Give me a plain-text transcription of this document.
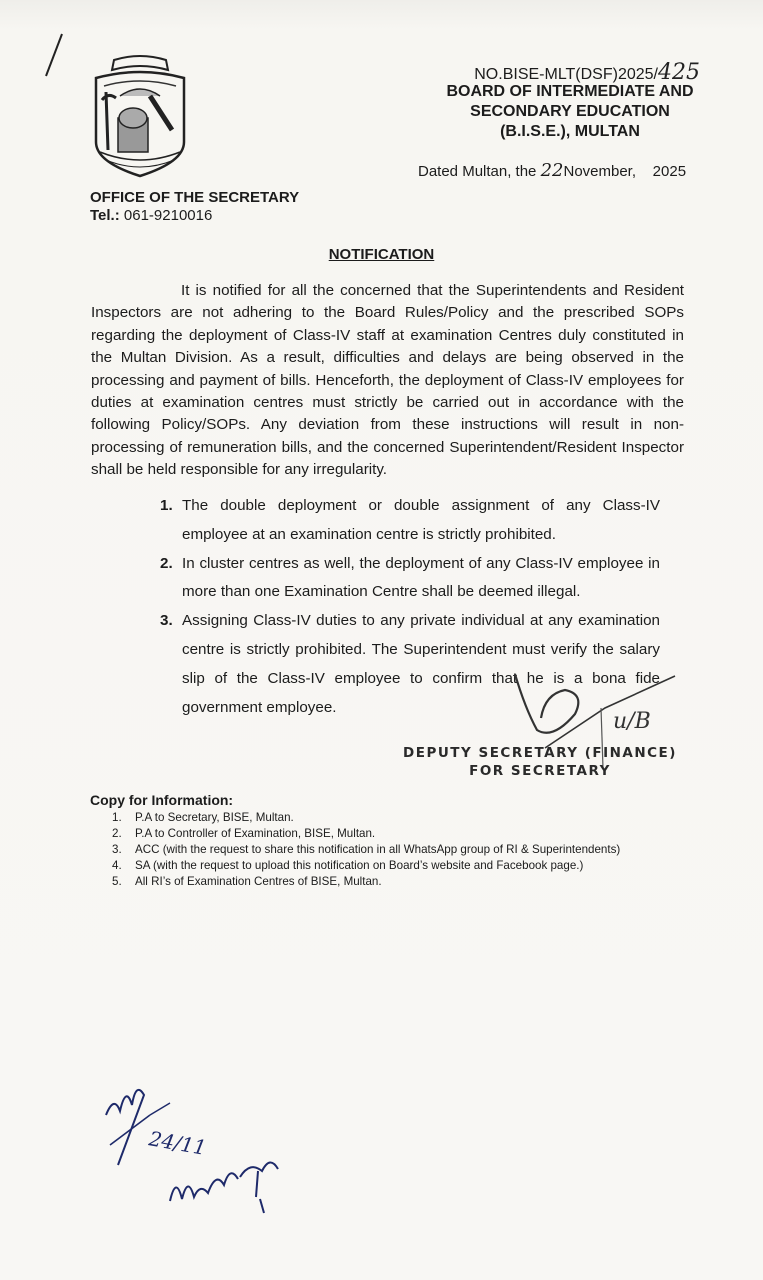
NO.BISE-MLT(DSF)2025/425
BOARD OF INTERMEDIATE AND
SECONDARY EDUCATION
(B.I.S.E.), MULTAN
Dated Multan, the 22November,    2025
OFFICE OF THE SECRETARY
Tel.: 061-9210016
NOTIFICATION
It is notified for all the concerned that the Superintendents and Resident Inspectors are not adhering to the Board Rules/Policy and the prescribed SOPs regarding the deployment of Class-IV staff at examination Centres duly constituted in the Multan Division. As a result, difficulties and delays are being observed in the processing and payment of bills. Henceforth, the deployment of Class-IV employees for duties at examination centres must strictly be carried out in accordance with the following Policy/SOPs. Any deviation from these instructions will result in non-processing of remuneration bills, and the concerned Superintendent/Resident Inspector shall be held responsible for any irregularity.
1. The double deployment or double assignment of any Class-IV employee at an examination centre is strictly prohibited.
2. In cluster centres as well, the deployment of any Class-IV employee in more than one Examination Centre shall be deemed illegal.
3. Assigning Class-IV duties to any private individual at any examination centre is strictly prohibited. The Superintendent must verify the salary slip of the Class-IV employee to confirm that he is a bona fide government employee.
u/B
DEPUTY SECRETARY (FINANCE)
FOR SECRETARY
Copy for Information:
1.	P.A to Secretary, BISE, Multan.
2.	P.A to Controller of Examination, BISE, Multan.
3.	ACC (with the request to share this notification in all WhatsApp group of RI & Superintendents)
4.	SA (with the request to upload this notification on Board’s website and Facebook page.)
5.	All RI’s of Examination Centres of BISE, Multan.
24/11
